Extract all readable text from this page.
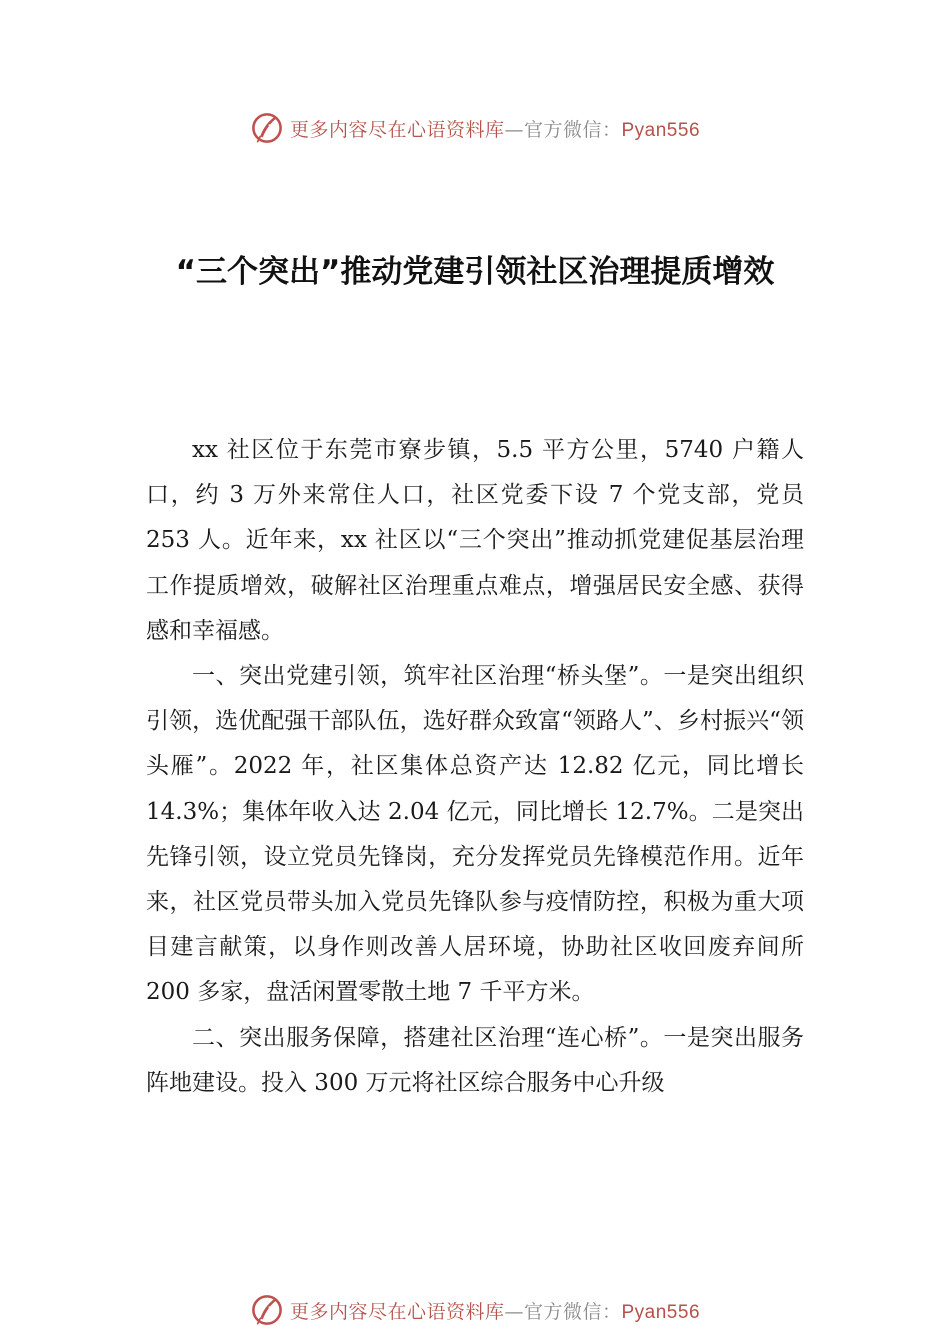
更多内容尽在心语资料库—官方微信：Pyan556
“三个突出”推动党建引领社区治理提质增效

xx 社区位于东莞市寮步镇，5.5 平方公里，5740 户籍人口，约 3 万外来常住人口，社区党委下设 7 个党支部，党员 253 人。近年来，xx 社区以“三个突出”推动抓党建促基层治理工作提质增效，破解社区治理重点难点，增强居民安全感、获得感和幸福感。

一、突出党建引领，筑牢社区治理“桥头堡”。一是突出组织引领，选优配强干部队伍，选好群众致富“领路人”、乡村振兴“领头雁”。2022 年，社区集体总资产达 12.82 亿元，同比增长 14.3%；集体年收入达 2.04 亿元，同比增长 12.7%。二是突出先锋引领，设立党员先锋岗，充分发挥党员先锋模范作用。近年来，社区党员带头加入党员先锋队参与疫情防控，积极为重大项目建言献策，以身作则改善人居环境，协助社区收回废弃间所 200 多家，盘活闲置零散土地 7 千平方米。

二、突出服务保障，搭建社区治理“连心桥”。一是突出服务阵地建设。投入 300 万元将社区综合服务中心升级

更多内容尽在心语资料库—官方微信：Pyan556
